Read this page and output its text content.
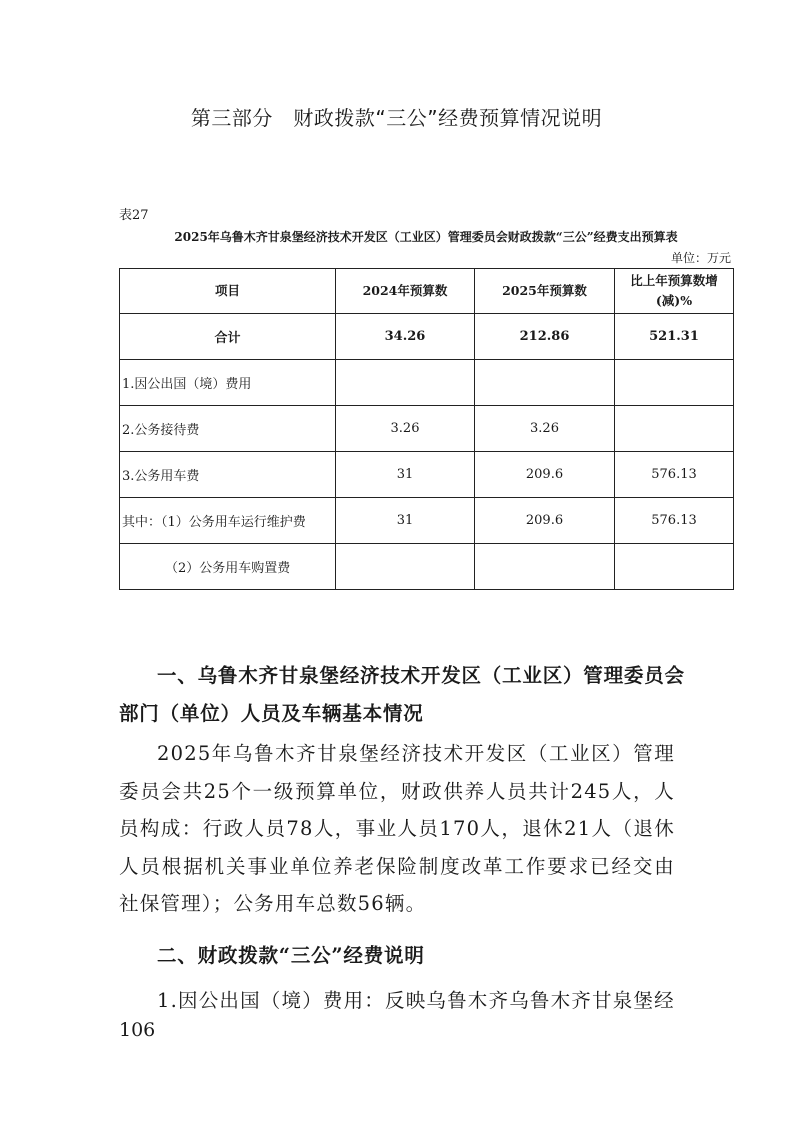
第三部分　财政拨款“三公”经费预算情况说明
表27
2025年乌鲁木齐甘泉堡经济技术开发区（工业区）管理委员会财政拨款“三公”经费支出预算表
单位：万元
项目	2024年预算数	2025年预算数	比上年预算数增(减)%
合计	34.26	212.86	521.31
1.因公出国（境）费用			
2.公务接待费	3.26	3.26	
3.公务用车费	31	209.6	576.13
其中：（1）公务用车运行维护费	31	209.6	576.13
（2）公务用车购置费			
一、乌鲁木齐甘泉堡经济技术开发区（工业区）管理委员会部门（单位）人员及车辆基本情况
2025年乌鲁木齐甘泉堡经济技术开发区（工业区）管理委员会共25个一级预算单位，财政供养人员共计245人，人员构成：行政人员78人，事业人员170人，退休21人（退休人员根据机关事业单位养老保险制度改革工作要求已经交由社保管理）；公务用车总数56辆。
二、财政拨款“三公”经费说明
1.因公出国（境）费用：反映乌鲁木齐乌鲁木齐甘泉堡经
106
